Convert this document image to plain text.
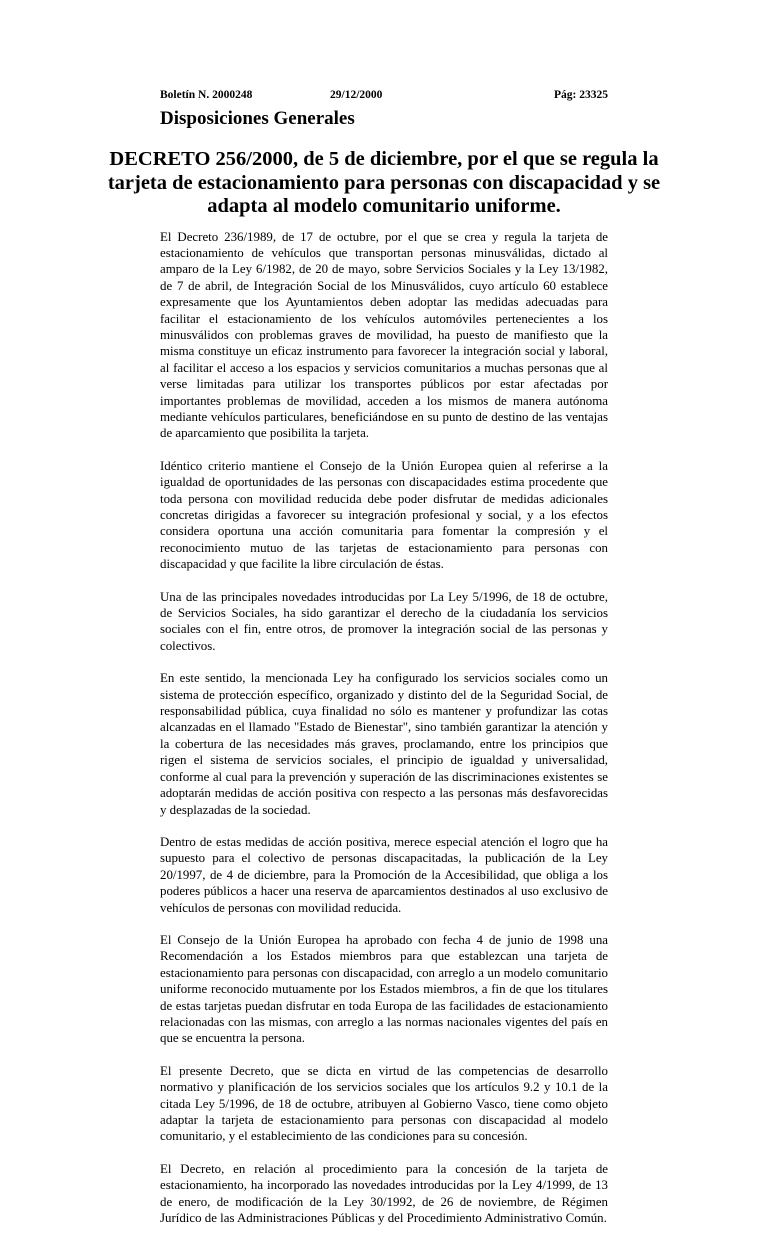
Boletín N. 2000248	29/12/2000	Pág: 23325
Disposiciones Generales
DECRETO 256/2000, de 5 de diciembre, por el que se regula la tarjeta de estacionamiento para personas con discapacidad y se adapta al modelo comunitario uniforme.

El Decreto 236/1989, de 17 de octubre, por el que se crea y regula la tarjeta de estacionamiento de vehículos que transportan personas minusválidas, dictado al amparo de la Ley 6/1982, de 20 de mayo, sobre Servicios Sociales y la Ley 13/1982, de 7 de abril, de Integración Social de los Minusválidos, cuyo artículo 60 establece expresamente que los Ayuntamientos deben adoptar las medidas adecuadas para facilitar el estacionamiento de los vehículos automóviles pertenecientes a los minusválidos con problemas graves de movilidad, ha puesto de manifiesto que la misma constituye un eficaz instrumento para favorecer la integración social y laboral, al facilitar el acceso a los espacios y servicios comunitarios a muchas personas que al verse limitadas para utilizar los transportes públicos por estar afectadas por importantes problemas de movilidad, acceden a los mismos de manera autónoma mediante vehículos particulares, beneficiándose en su punto de destino de las ventajas de aparcamiento que posibilita la tarjeta.

Idéntico criterio mantiene el Consejo de la Unión Europea quien al referirse a la igualdad de oportunidades de las personas con discapacidades estima procedente que toda persona con movilidad reducida debe poder disfrutar de medidas adicionales concretas dirigidas a favorecer su integración profesional y social, y a los efectos considera oportuna una acción comunitaria para fomentar la compresión y el reconocimiento mutuo de las tarjetas de estacionamiento para personas con discapacidad y que facilite la libre circulación de éstas.

Una de las principales novedades introducidas por La Ley 5/1996, de 18 de octubre, de Servicios Sociales, ha sido garantizar el derecho de la ciudadanía los servicios sociales con el fin, entre otros, de promover la integración social de las personas y colectivos.

En este sentido, la mencionada Ley ha configurado los servicios sociales como un sistema de protección específico, organizado y distinto del de la Seguridad Social, de responsabilidad pública, cuya finalidad no sólo es mantener y profundizar las cotas alcanzadas en el llamado "Estado de Bienestar", sino también garantizar la atención y la cobertura de las necesidades más graves, proclamando, entre los principios que rigen el sistema de servicios sociales, el principio de igualdad y universalidad, conforme al cual para la prevención y superación de las discriminaciones existentes se adoptarán medidas de acción positiva con respecto a las personas más desfavorecidas y desplazadas de la sociedad.

Dentro de estas medidas de acción positiva, merece especial atención el logro que ha supuesto para el colectivo de personas discapacitadas, la publicación de la Ley 20/1997, de 4 de diciembre, para la Promoción de la Accesibilidad, que obliga a los poderes públicos a hacer una reserva de aparcamientos destinados al uso exclusivo de vehículos de personas con movilidad reducida.

El Consejo de la Unión Europea ha aprobado con fecha 4 de junio de 1998 una Recomendación a los Estados miembros para que establezcan una tarjeta de estacionamiento para personas con discapacidad, con arreglo a un modelo comunitario uniforme reconocido mutuamente por los Estados miembros, a fin de que los titulares de estas tarjetas puedan disfrutar en toda Europa de las facilidades de estacionamiento relacionadas con las mismas, con arreglo a las normas nacionales vigentes del país en que se encuentra la persona.

El presente Decreto, que se dicta en virtud de las competencias de desarrollo normativo y planificación de los servicios sociales que los artículos 9.2 y 10.1 de la citada Ley 5/1996, de 18 de octubre, atribuyen al Gobierno Vasco, tiene como objeto adaptar la tarjeta de estacionamiento para personas con discapacidad al modelo comunitario, y el establecimiento de las condiciones para su concesión.

El Decreto, en relación al procedimiento para la concesión de la tarjeta de estacionamiento, ha incorporado las novedades introducidas por la Ley 4/1999, de 13 de enero, de modificación de la Ley 30/1992, de 26 de noviembre, de Régimen Jurídico de las Administraciones Públicas y del Procedimiento Administrativo Común.
